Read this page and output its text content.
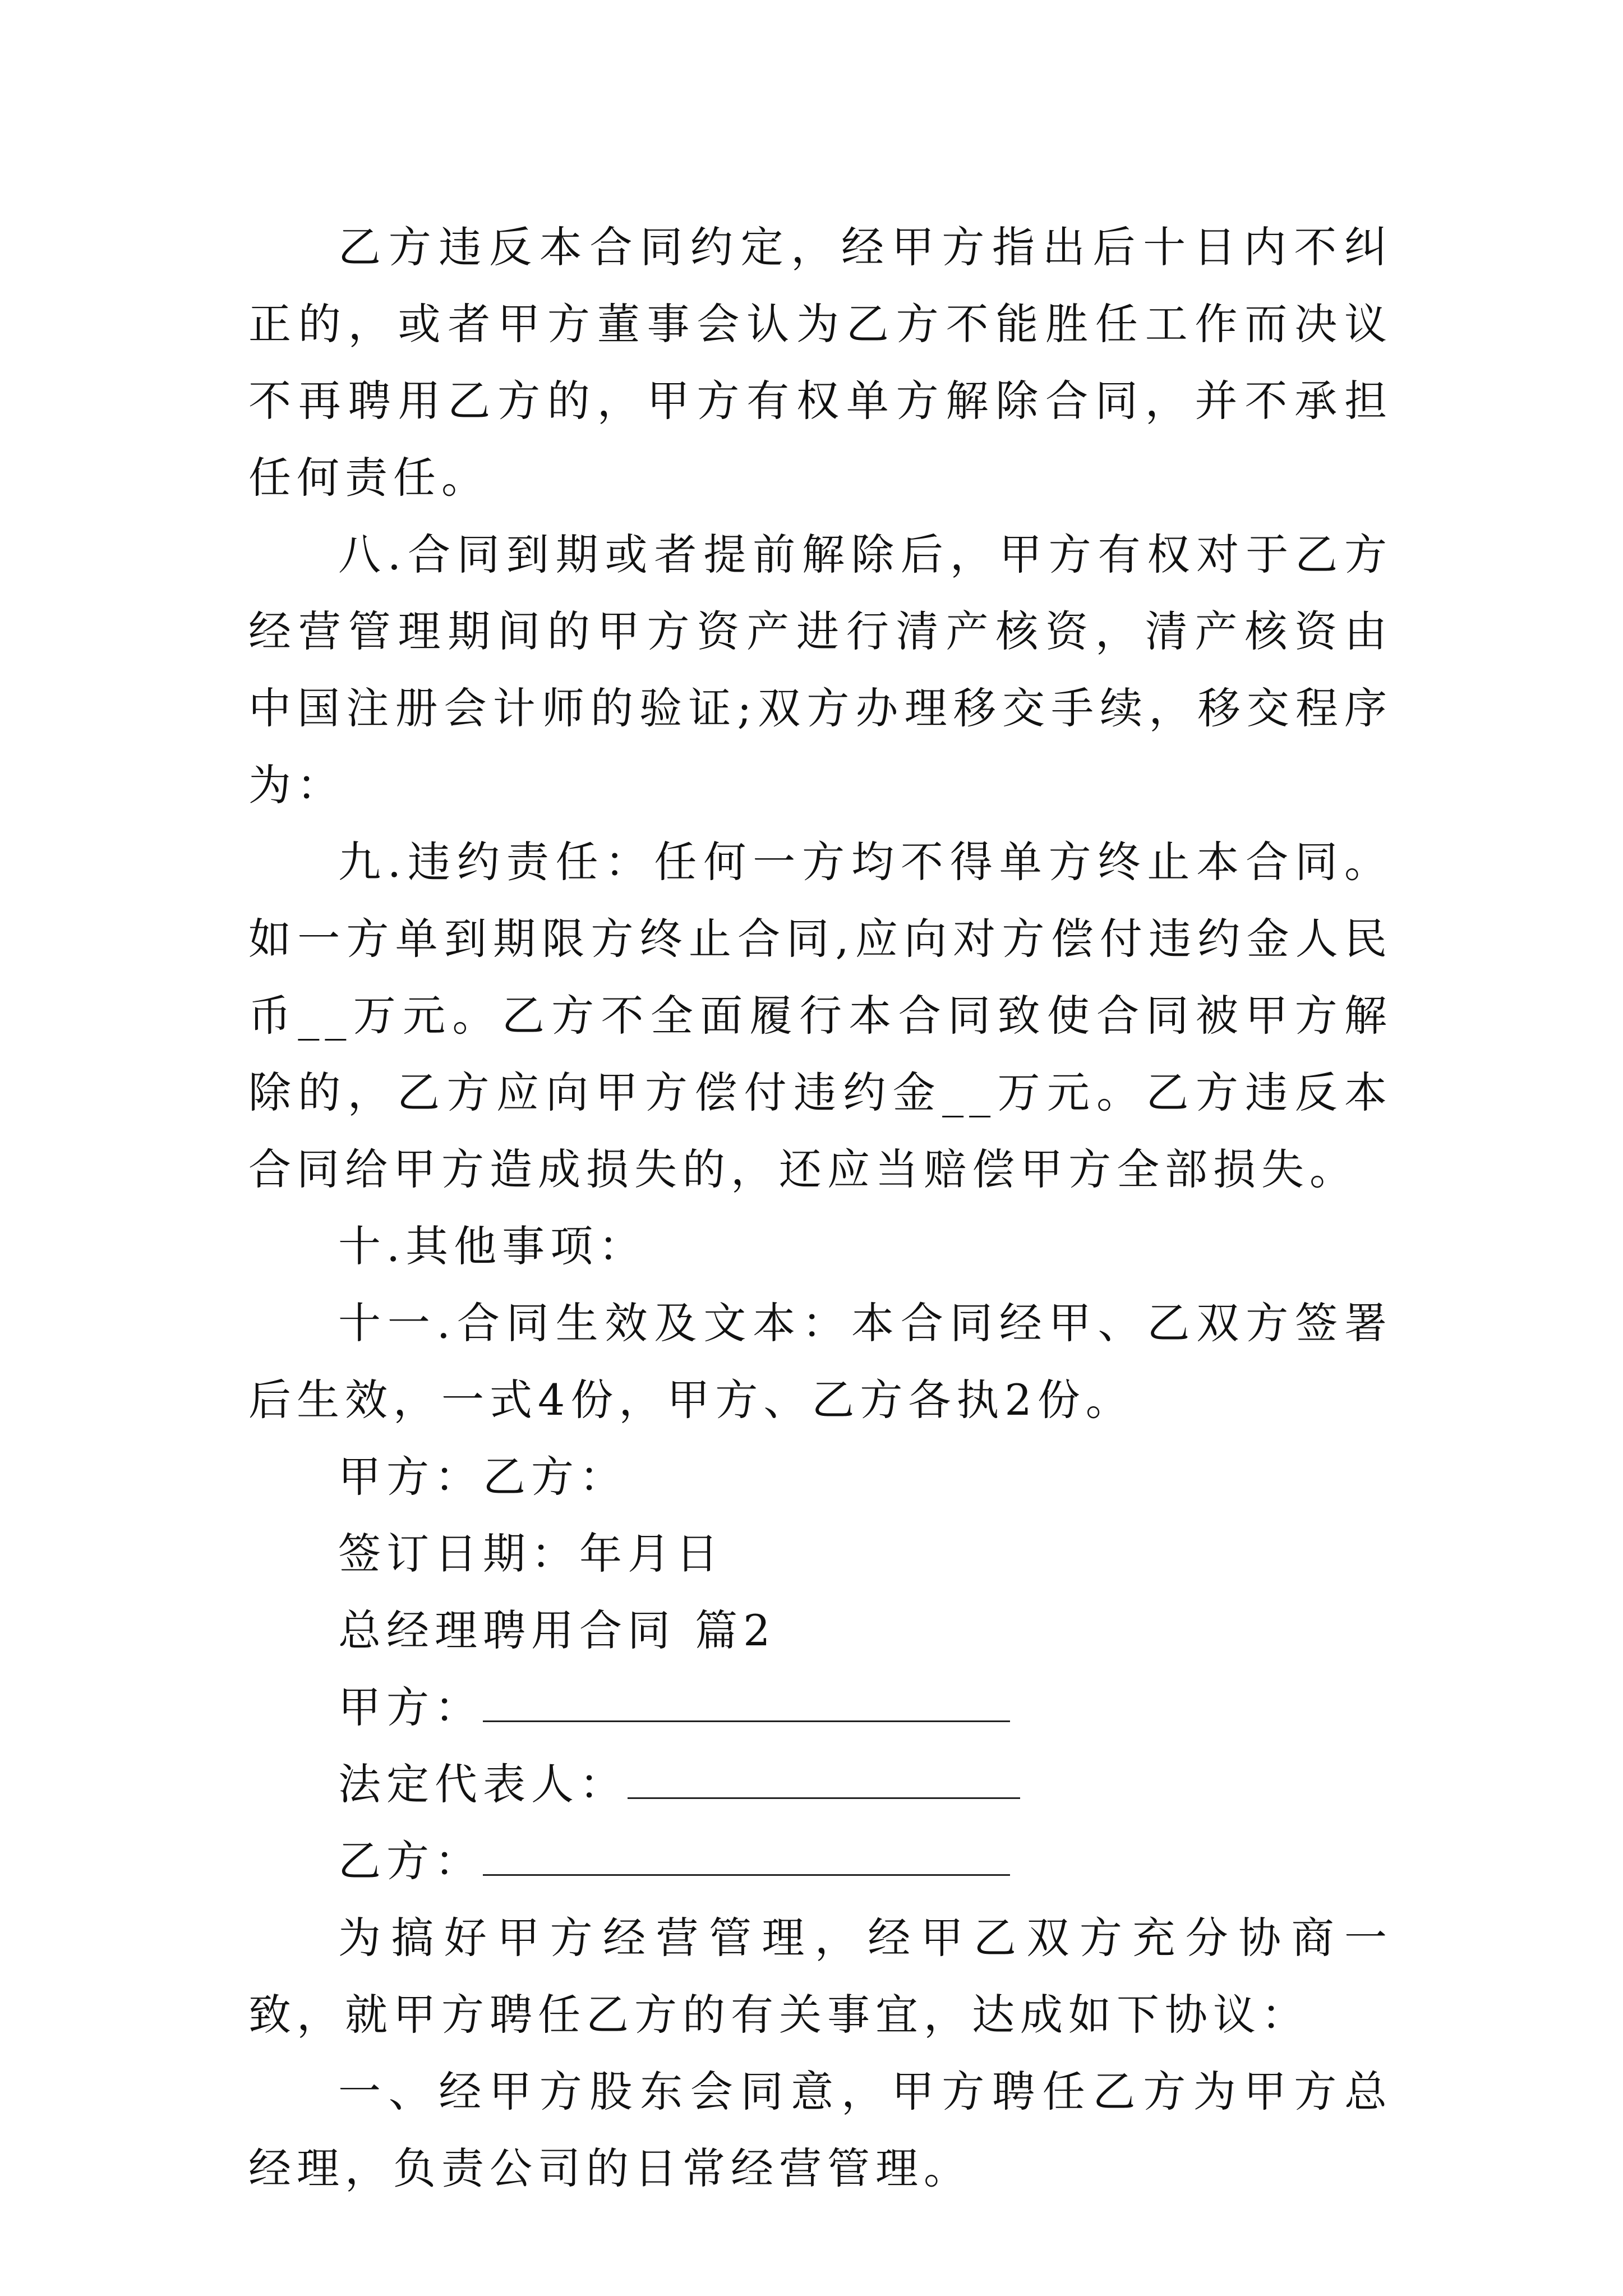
乙方违反本合同约定，经甲方指出后十日内不纠正的，或者甲方董事会认为乙方不能胜任工作而决议不再聘用乙方的，甲方有权单方解除合同，并不承担任何责任。

八.合同到期或者提前解除后，甲方有权对于乙方经营管理期间的甲方资产进行清产核资，清产核资由中国注册会计师的验证;双方办理移交手续，移交程序为：

九.违约责任：任何一方均不得单方终止本合同。如一方单到期限方终止合同,应向对方偿付违约金人民币__万元。乙方不全面履行本合同致使合同被甲方解除的，乙方应向甲方偿付违约金__万元。乙方违反本合同给甲方造成损失的，还应当赔偿甲方全部损失。

十.其他事项：

十一.合同生效及文本：本合同经甲、乙双方签署后生效，一式4份，甲方、乙方各执2份。

甲方：乙方：

签订日期：年月日

总经理聘用合同 篇2

甲方：

法定代表人：

乙方：

为搞好甲方经营管理，经甲乙双方充分协商一致，就甲方聘任乙方的有关事宜，达成如下协议：

一、经甲方股东会同意，甲方聘任乙方为甲方总经理，负责公司的日常经营管理。
